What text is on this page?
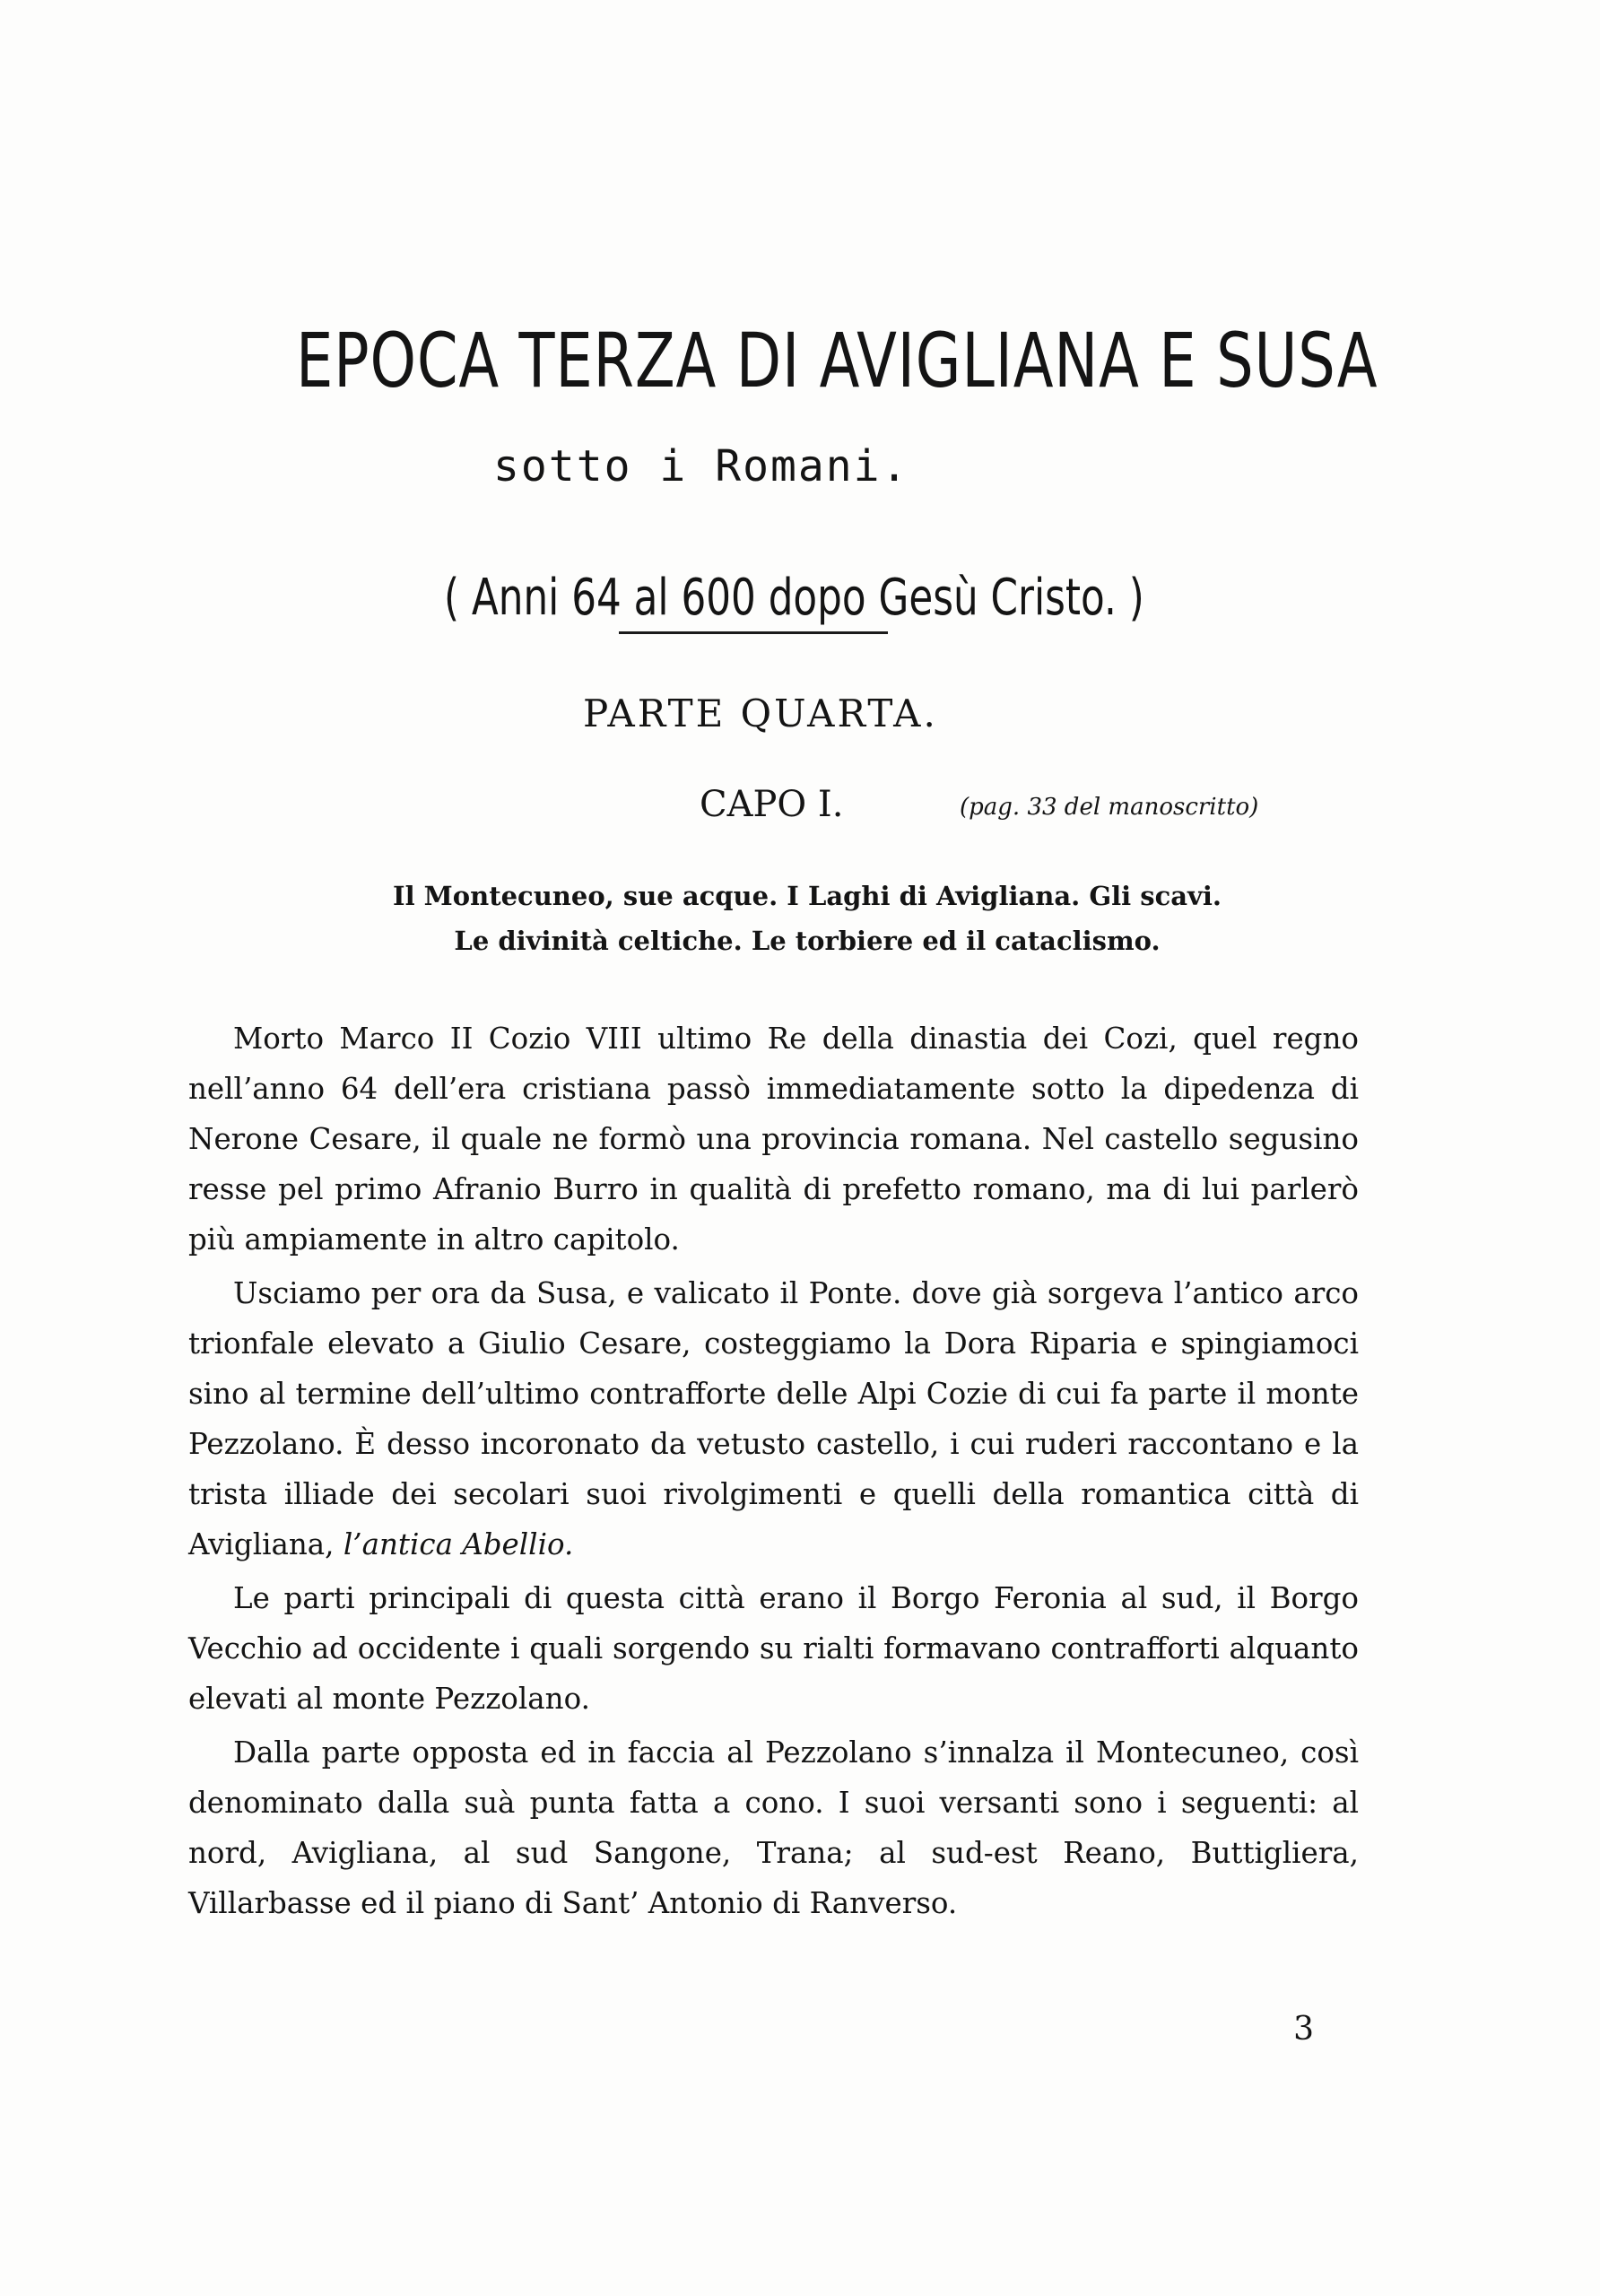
EPOCA TERZA DI AVIGLIANA E SUSA
sotto i Romani.
( Anni 64 al 600 dopo Gesù Cristo. )
PARTE QUARTA.
CAPO I.	(pag. 33 del manoscritto)
Il Montecuneo, sue acque. I Laghi di Avigliana. Gli scavi.
Le divinità celtiche. Le torbiere ed il cataclismo.

Morto Marco II Cozio VIII ultimo Re della dinastia dei Cozi, quel regno nell’anno 64 dell’era cristiana passò immediatamente sotto la dipedenza di Nerone Cesare, il quale ne formò una provincia romana. Nel castello segusino resse pel primo Afranio Burro in qualità di prefetto romano, ma di lui parlerò più ampiamente in altro capitolo.

Usciamo per ora da Susa, e valicato il Ponte. dove già sorgeva l’antico arco trionfale elevato a Giulio Cesare, costeggiamo la Dora Riparia e spingiamoci sino al termine dell’ultimo contrafforte delle Alpi Cozie di cui fa parte il monte Pezzolano. È desso incoronato da vetusto castello, i cui ruderi raccontano e la trista illiade dei secolari suoi rivolgimenti e quelli della romantica città di Avigliana, l’antica Abellio.

Le parti principali di questa città erano il Borgo Feronia al sud, il Borgo Vecchio ad occidente i quali sorgendo su rialti formavano contrafforti alquanto elevati al monte Pezzolano.

Dalla parte opposta ed in faccia al Pezzolano s’innalza il Montecuneo, così denominato dalla suà punta fatta a cono. I suoi versanti sono i seguenti: al nord, Avigliana, al sud Sangone, Trana; al sud-est Reano, Buttigliera, Villarbasse ed il piano di Sant’ Antonio di Ranverso.

3
